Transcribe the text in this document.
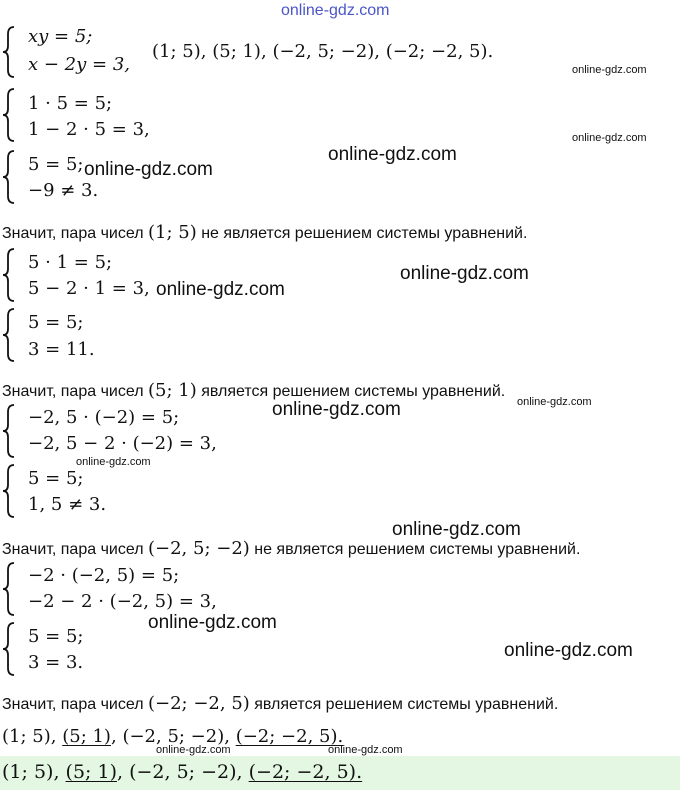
online-gdz.com
xy = 5;
x − 2y = 3,
(1; 5), (5; 1), (−2, 5; −2), (−2; −2, 5).
online-gdz.com
1 · 5 = 5;
1 − 2 · 5 = 3,	online-gdz.com
5 = 5;
−9 ≠ 3.
online-gdz.com
online-gdz.com
Значит, пара чисел (1; 5) не является решением системы уравнений.
5 · 1 = 5;
5 − 2 · 1 = 3, online-gdz.com
online-gdz.com
5 = 5;
3 = 11.
Значит, пара чисел (5; 1) является решением системы уравнений.
online-gdz.com
−2, 5 · (−2) = 5;
−2, 5 − 2 · (−2) = 3,
online-gdz.com
online-gdz.com
5 = 5;
1, 5 ≠ 3.
online-gdz.com
Значит, пара чисел (−2, 5; −2) не является решением системы уравнений.
−2 · (−2, 5) = 5;
−2 − 2 · (−2, 5) = 3,
online-gdz.com
5 = 5;
3 = 3.
online-gdz.com
Значит, пара чисел (−2; −2, 5) является решением системы уравнений.
(1; 5), (5; 1), (−2, 5; −2), (−2; −2, 5).
online-gdz.com	online-gdz.com
(1; 5), (5; 1), (−2, 5; −2), (−2; −2, 5).
